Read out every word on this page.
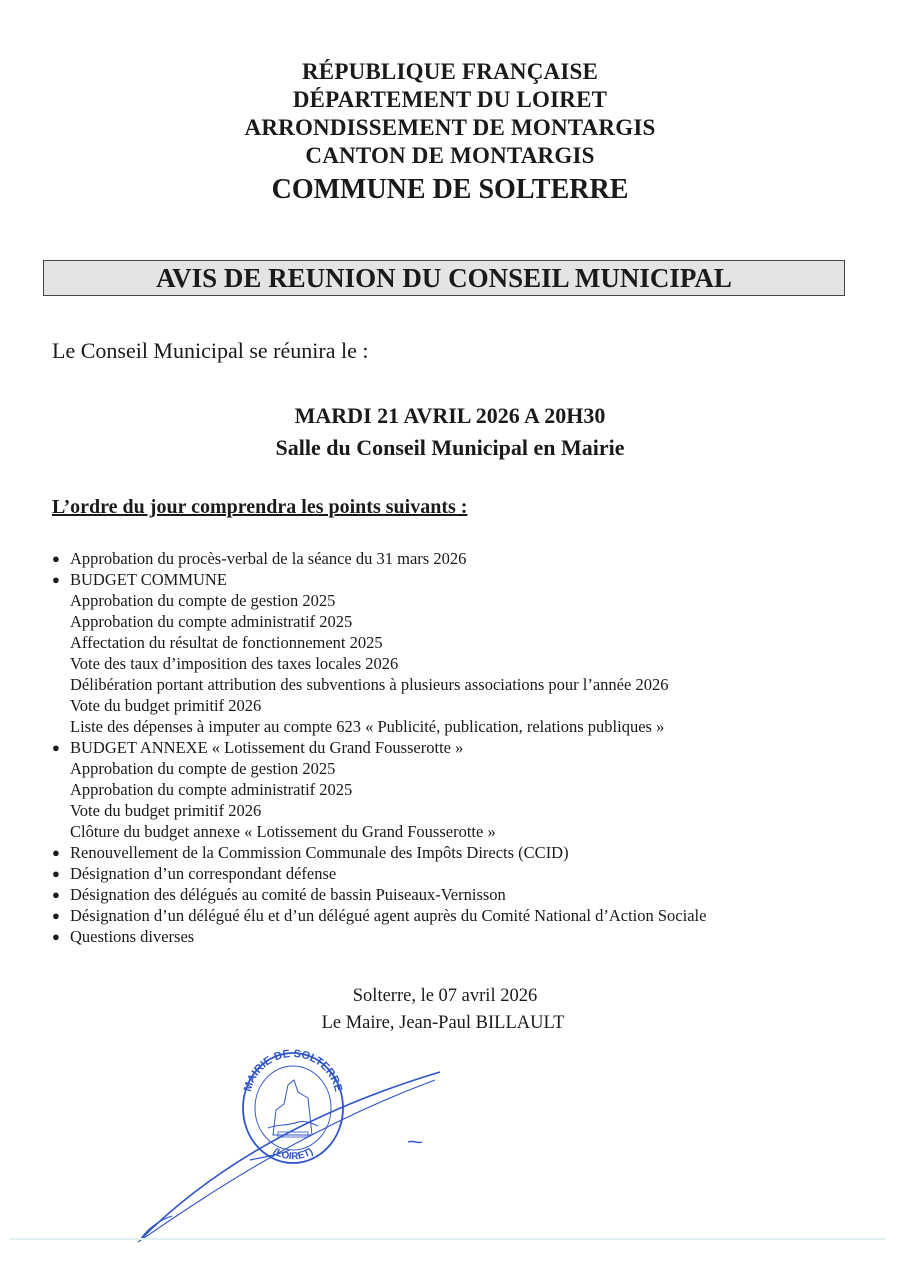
RÉPUBLIQUE FRANÇAISE
DÉPARTEMENT DU LOIRET
ARRONDISSEMENT DE MONTARGIS
CANTON DE MONTARGIS
COMMUNE DE SOLTERRE
AVIS DE REUNION DU CONSEIL MUNICIPAL
Le Conseil Municipal se réunira le :
MARDI 21 AVRIL 2026 A 20H30
Salle du Conseil Municipal en Mairie
L’ordre du jour comprendra les points suivants :
● Approbation du procès-verbal de la séance du 31 mars 2026
● BUDGET COMMUNE
Approbation du compte de gestion 2025
Approbation du compte administratif 2025
Affectation du résultat de fonctionnement 2025
Vote des taux d’imposition des taxes locales 2026
Délibération portant attribution des subventions à plusieurs associations pour l’année 2026
Vote du budget primitif 2026
Liste des dépenses à imputer au compte 623 « Publicité, publication, relations publiques »
● BUDGET ANNEXE « Lotissement du Grand Fousserotte »
Approbation du compte de gestion 2025
Approbation du compte administratif 2025
Vote du budget primitif 2026
Clôture du budget annexe « Lotissement du Grand Fousserotte »
● Renouvellement de la Commission Communale des Impôts Directs (CCID)
● Désignation d’un correspondant défense
● Désignation des délégués au comité de bassin Puiseaux-Vernisson
● Désignation d’un délégué élu et d’un délégué agent auprès du Comité National d’Action Sociale
● Questions diverses
Solterre, le 07 avril 2026
Le Maire, Jean-Paul BILLAULT
MAIRIE DE SOLTERRE
(LOIRET)
